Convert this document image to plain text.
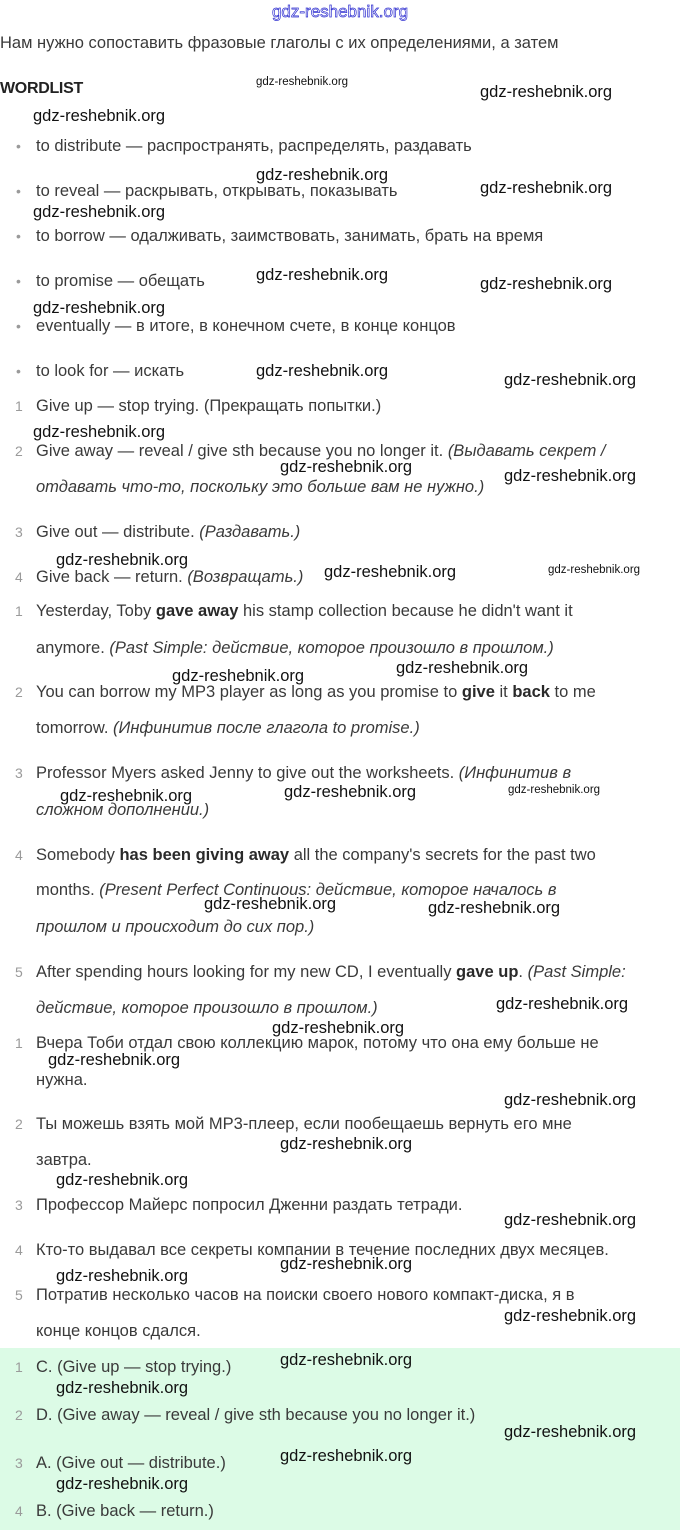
Нам нужно сопоставить фразовые глаголы с их определениями, а затем
WORDLIST
• to distribute — распространять, распределять, раздавать
• to reveal — раскрывать, открывать, показывать
• to borrow — одалживать, заимствовать, занимать, брать на время
• to promise — обещать
• eventually — в итоге, в конечном счете, в конце концов
• to look for — искать
1 Give up — stop trying. (Прекращать попытки.)
2 Give away — reveal / give sth because you no longer it. (Выдавать секрет /
отдавать что-то, поскольку это больше вам не нужно.)
3 Give out — distribute. (Раздавать.)
4 Give back — return. (Возвращать.)
1 Yesterday, Toby gave away his stamp collection because he didn't want it
anymore. (Past Simple: действие, которое произошло в прошлом.)
2 You can borrow my MP3 player as long as you promise to give it back to me
tomorrow. (Инфинитив после глагола to promise.)
3 Professor Myers asked Jenny to give out the worksheets. (Инфинитив в
сложном дополнении.)
4 Somebody has been giving away all the company's secrets for the past two
months. (Present Perfect Continuous: действие, которое началось в
прошлом и происходит до сих пор.)
5 After spending hours looking for my new CD, I eventually gave up. (Past Simple:
действие, которое произошло в прошлом.)
1 Вчера Тоби отдал свою коллекцию марок, потому что она ему больше не
нужна.
2 Ты можешь взять мой MP3-плеер, если пообещаешь вернуть его мне
завтра.
3 Профессор Майерс попросил Дженни раздать тетради.
4 Кто-то выдавал все секреты компании в течение последних двух месяцев.
5 Потратив несколько часов на поиски своего нового компакт-диска, я в
конце концов сдался.
1 C. (Give up — stop trying.)
2 D. (Give away — reveal / give sth because you no longer it.)
3 A. (Give out — distribute.)
4 B. (Give back — return.)
gdz-reshebnik.org
gdz-reshebnik.org
gdz-reshebnik.org
gdz-reshebnik.org
gdz-reshebnik.org
gdz-reshebnik.org
gdz-reshebnik.org
gdz-reshebnik.org	gdz-reshebnik.org
gdz-reshebnik.org
gdz-reshebnik.org	gdz-reshebnik.org
gdz-reshebnik.org
gdz-reshebnik.org	gdz-reshebnik.org
gdz-reshebnik.org
gdz-reshebnik.org	gdz-reshebnik.org
gdz-reshebnik.org	gdz-reshebnik.org
gdz-reshebnik.org	gdz-reshebnik.org	gdz-reshebnik.org
gdz-reshebnik.org	gdz-reshebnik.org
gdz-reshebnik.org
gdz-reshebnik.org
gdz-reshebnik.org
gdz-reshebnik.org
gdz-reshebnik.org
gdz-reshebnik.org
gdz-reshebnik.org
gdz-reshebnik.org
gdz-reshebnik.org
gdz-reshebnik.org
gdz-reshebnik.org
gdz-reshebnik.org
gdz-reshebnik.org
gdz-reshebnik.org
gdz-reshebnik.org
